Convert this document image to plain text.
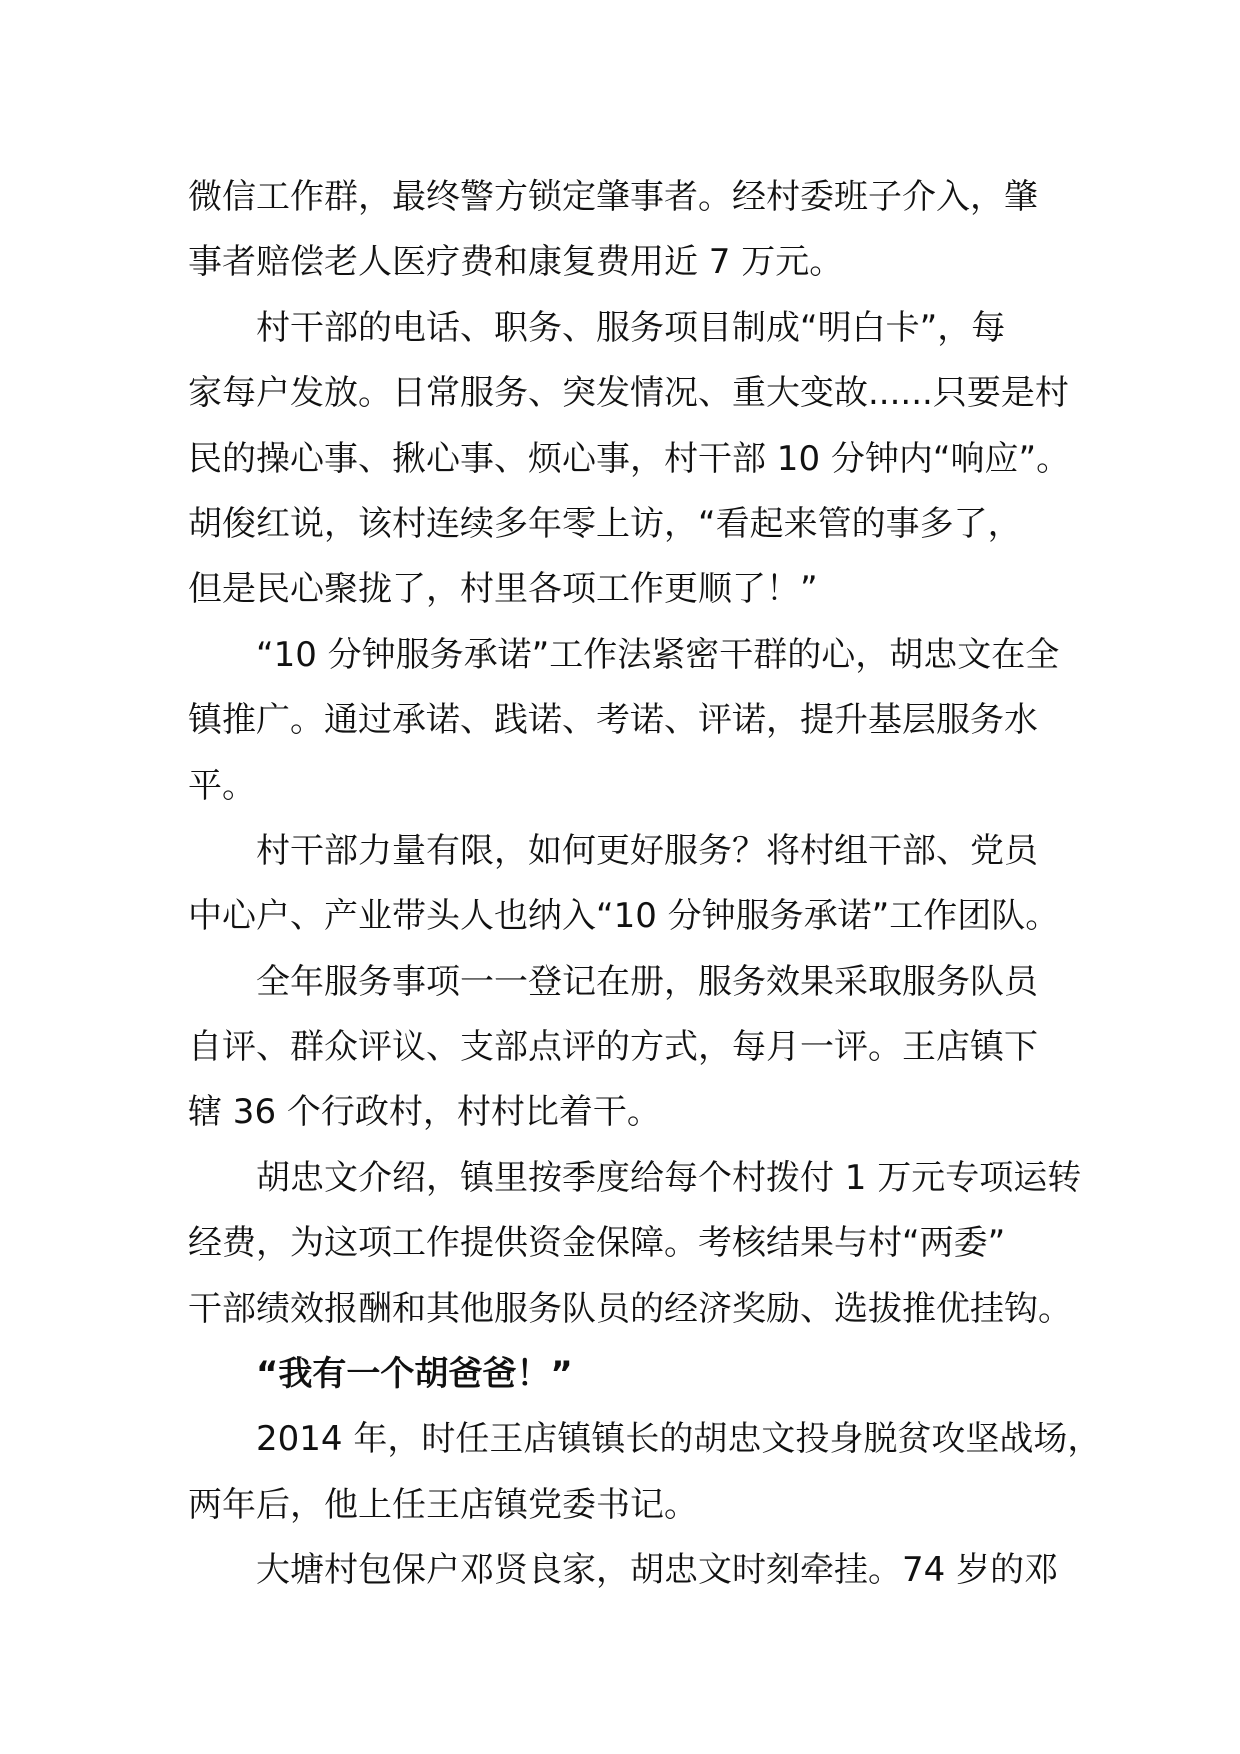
微信工作群，最终警方锁定肇事者。经村委班子介入，肇
事者赔偿老人医疗费和康复费用近 7 万元。
村干部的电话、职务、服务项目制成“明白卡”，每
家每户发放。日常服务、突发情况、重大变故......只要是村
民的操心事、揪心事、烦心事，村干部 10 分钟内“响应”。
胡俊红说，该村连续多年零上访，“看起来管的事多了，
但是民心聚拢了，村里各项工作更顺了！”
“10 分钟服务承诺”工作法紧密干群的心，胡忠文在全
镇推广。通过承诺、践诺、考诺、评诺，提升基层服务水
平。
村干部力量有限，如何更好服务？将村组干部、党员
中心户、产业带头人也纳入“10 分钟服务承诺”工作团队。
全年服务事项一一登记在册，服务效果采取服务队员
自评、群众评议、支部点评的方式，每月一评。王店镇下
辖 36 个行政村，村村比着干。
胡忠文介绍，镇里按季度给每个村拨付 1 万元专项运转
经费，为这项工作提供资金保障。考核结果与村“两委”
干部绩效报酬和其他服务队员的经济奖励、选拔推优挂钩。
“我有一个胡爸爸！”
2014 年，时任王店镇镇长的胡忠文投身脱贫攻坚战场，
两年后，他上任王店镇党委书记。
大塘村包保户邓贤良家，胡忠文时刻牵挂。74 岁的邓
